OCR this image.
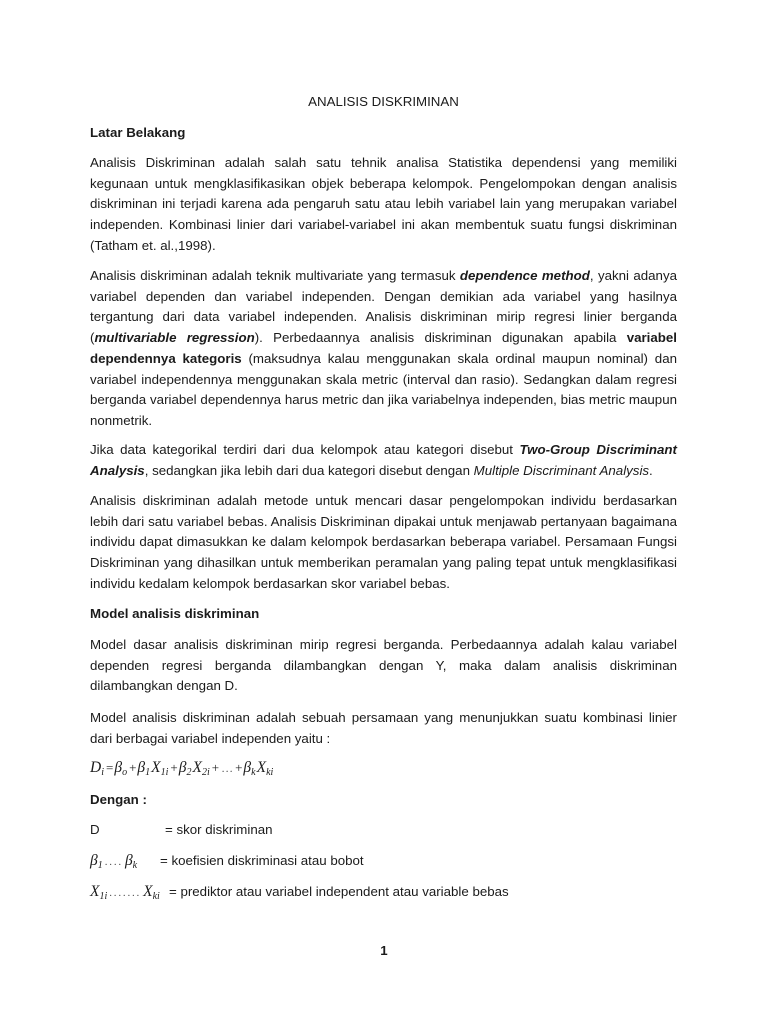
ANALISIS DISKRIMINAN
Latar Belakang

Analisis Diskriminan adalah salah satu tehnik analisa Statistika dependensi yang memiliki kegunaan untuk mengklasifikasikan objek beberapa kelompok. Pengelompokan dengan analisis diskriminan ini terjadi karena ada pengaruh satu atau lebih variabel lain yang merupakan variabel independen. Kombinasi linier dari variabel-variabel ini akan membentuk suatu fungsi diskriminan (Tatham et. al.,1998).

Analisis diskriminan adalah teknik multivariate yang termasuk dependence method, yakni adanya variabel dependen dan variabel independen. Dengan demikian ada variabel yang hasilnya tergantung dari data variabel independen. Analisis diskriminan mirip regresi linier berganda (multivariable regression). Perbedaannya analisis diskriminan digunakan apabila variabel dependennya kategoris (maksudnya kalau menggunakan skala ordinal maupun nominal) dan variabel independennya menggunakan skala metric (interval dan rasio). Sedangkan dalam regresi berganda variabel dependennya harus metric dan jika variabelnya independen, bias metric maupun nonmetrik.

Jika data kategorikal terdiri dari dua kelompok atau kategori disebut Two-Group Discriminant Analysis, sedangkan jika lebih dari dua kategori disebut dengan Multiple Discriminant Analysis.

Analisis diskriminan adalah metode untuk mencari dasar pengelompokan individu berdasarkan lebih dari satu variabel bebas. Analisis Diskriminan dipakai untuk menjawab pertanyaan bagaimana individu dapat dimasukkan ke dalam kelompok berdasarkan beberapa variabel. Persamaan Fungsi Diskriminan yang dihasilkan untuk memberikan peramalan yang paling tepat untuk mengklasifikasi individu kedalam kelompok berdasarkan skor variabel bebas.

Model analisis diskriminan

Model dasar analisis diskriminan mirip regresi berganda. Perbedaannya adalah kalau variabel dependen regresi berganda dilambangkan dengan Y, maka dalam analisis diskriminan dilambangkan dengan D.

Model analisis diskriminan adalah sebuah persamaan yang menunjukkan suatu kombinasi linier dari berbagai variabel independen yaitu :

Di =βo +β1X1i +β2X2i + … +βkXki
Dengan :
D	= skor diskriminan
β1 .... βk = koefisien diskriminasi atau bobot
X1i ....... Xki = prediktor atau variabel independent atau variable bebas
1
